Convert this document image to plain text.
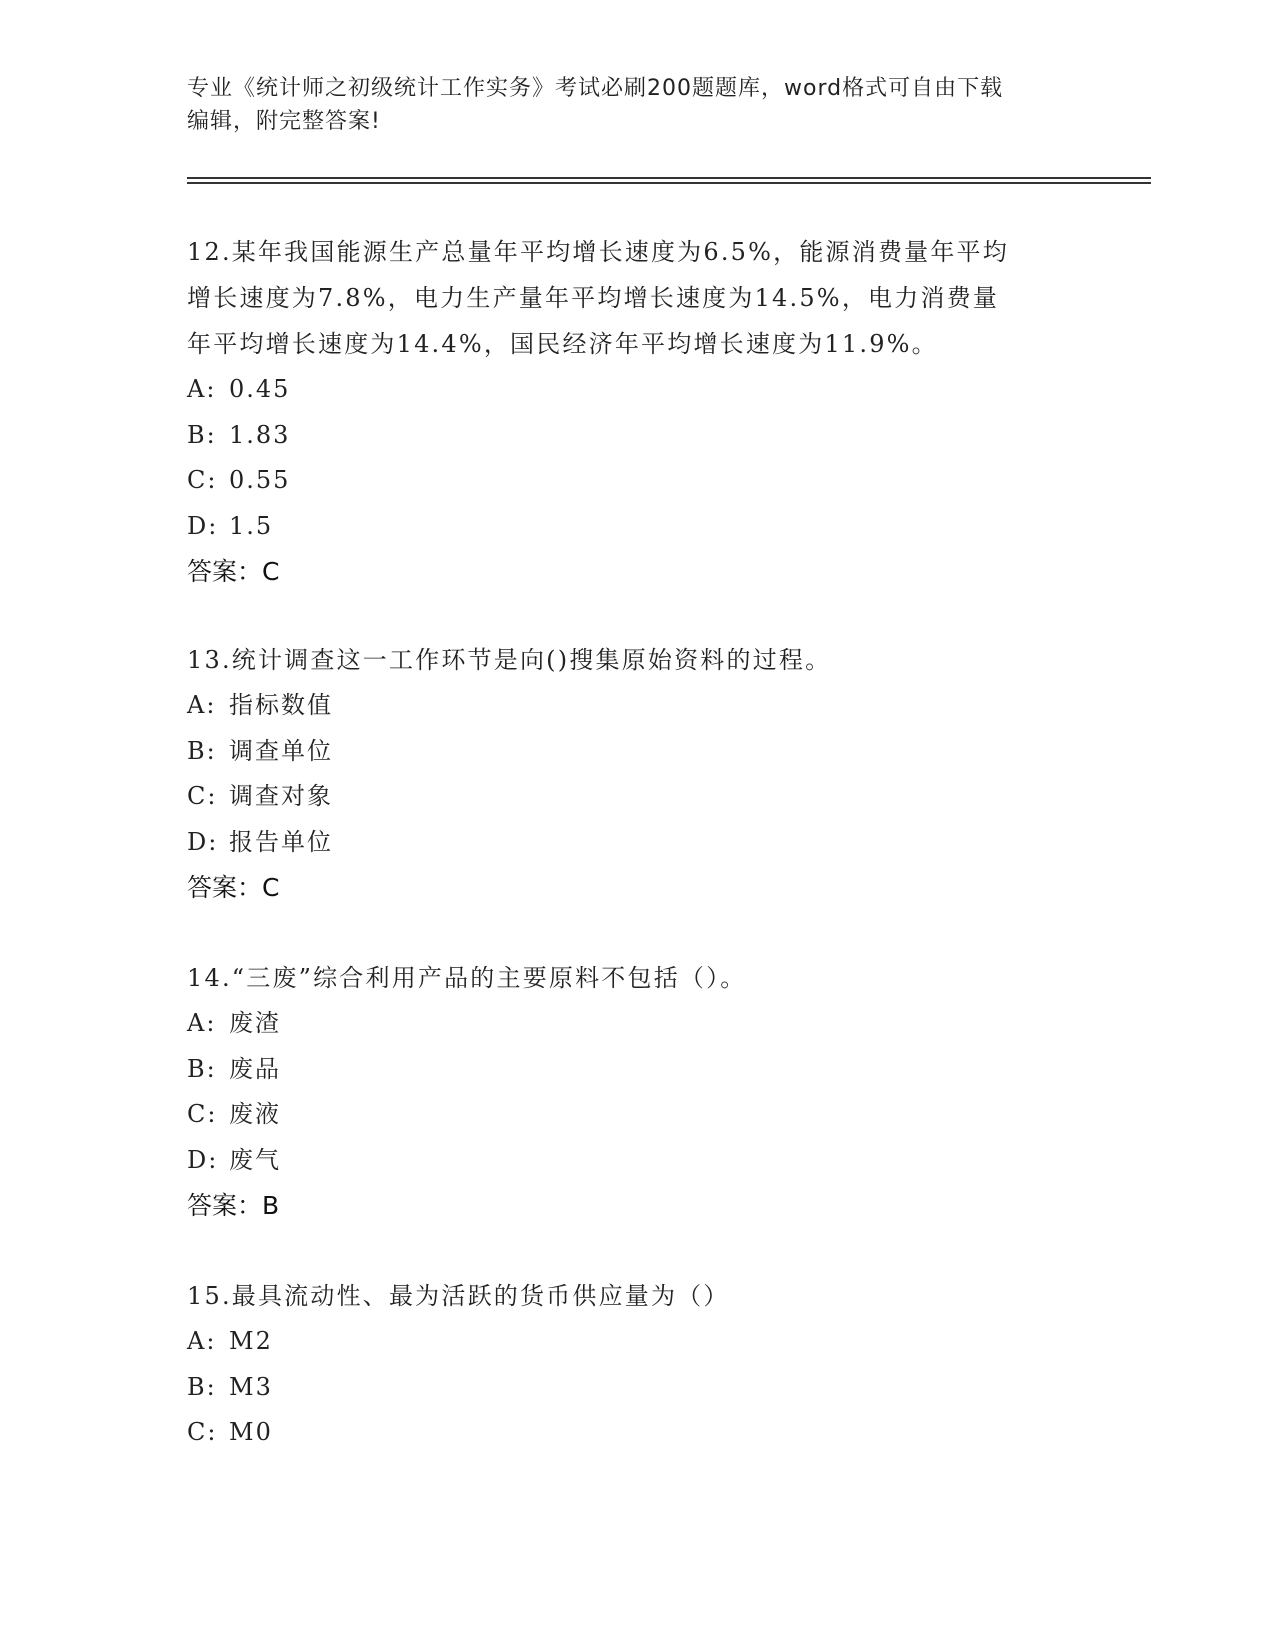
专业《统计师之初级统计工作实务》考试必刷200题题库，word格式可自由下载
编辑，附完整答案!
12.某年我国能源生产总量年平均增长速度为6.5%，能源消费量年平均
增长速度为7.8%，电力生产量年平均增长速度为14.5%，电力消费量
年平均增长速度为14.4%，国民经济年平均增长速度为11.9%。
A: 0.45
B: 1.83
C: 0.55
D: 1.5
答案：C
13.统计调查这一工作环节是向()搜集原始资料的过程。
A: 指标数值
B: 调查单位
C: 调查对象
D: 报告单位
答案：C
14.“三废”综合利用产品的主要原料不包括（）。
A: 废渣
B: 废品
C: 废液
D: 废气
答案：B
15.最具流动性、最为活跃的货币供应量为（）
A: M2
B: M3
C: M0
